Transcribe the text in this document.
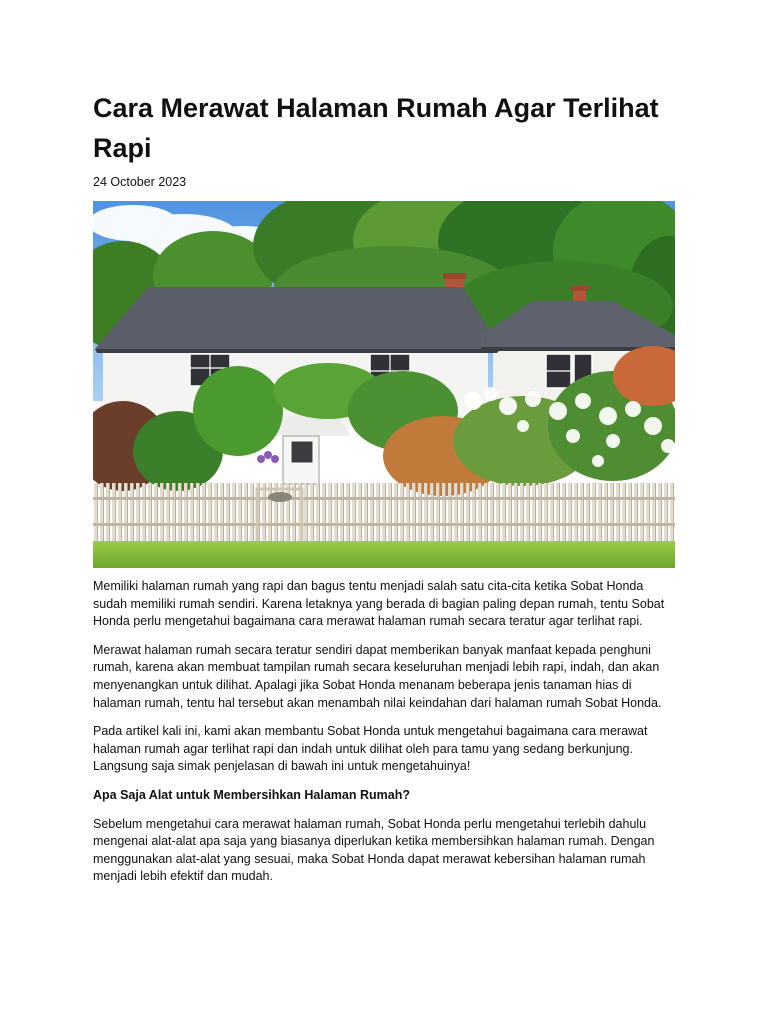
Cara Merawat Halaman Rumah Agar Terlihat Rapi

24 October 2023

Memiliki halaman rumah yang rapi dan bagus tentu menjadi salah satu cita-cita ketika Sobat Honda sudah memiliki rumah sendiri. Karena letaknya yang berada di bagian paling depan rumah, tentu Sobat Honda perlu mengetahui bagaimana cara merawat halaman rumah secara teratur agar terlihat rapi.

Merawat halaman rumah secara teratur sendiri dapat memberikan banyak manfaat kepada penghuni rumah, karena akan membuat tampilan rumah secara keseluruhan menjadi lebih rapi, indah, dan akan menyenangkan untuk dilihat. Apalagi jika Sobat Honda menanam beberapa jenis tanaman hias di halaman rumah, tentu hal tersebut akan menambah nilai keindahan dari halaman rumah Sobat Honda.

Pada artikel kali ini, kami akan membantu Sobat Honda untuk mengetahui bagaimana cara merawat halaman rumah agar terlihat rapi dan indah untuk dilihat oleh para tamu yang sedang berkunjung. Langsung saja simak penjelasan di bawah ini untuk mengetahuinya!

Apa Saja Alat untuk Membersihkan Halaman Rumah?

Sebelum mengetahui cara merawat halaman rumah, Sobat Honda perlu mengetahui terlebih dahulu mengenai alat-alat apa saja yang biasanya diperlukan ketika membersihkan halaman rumah. Dengan menggunakan alat-alat yang sesuai, maka Sobat Honda dapat merawat kebersihan halaman rumah menjadi lebih efektif dan mudah.
